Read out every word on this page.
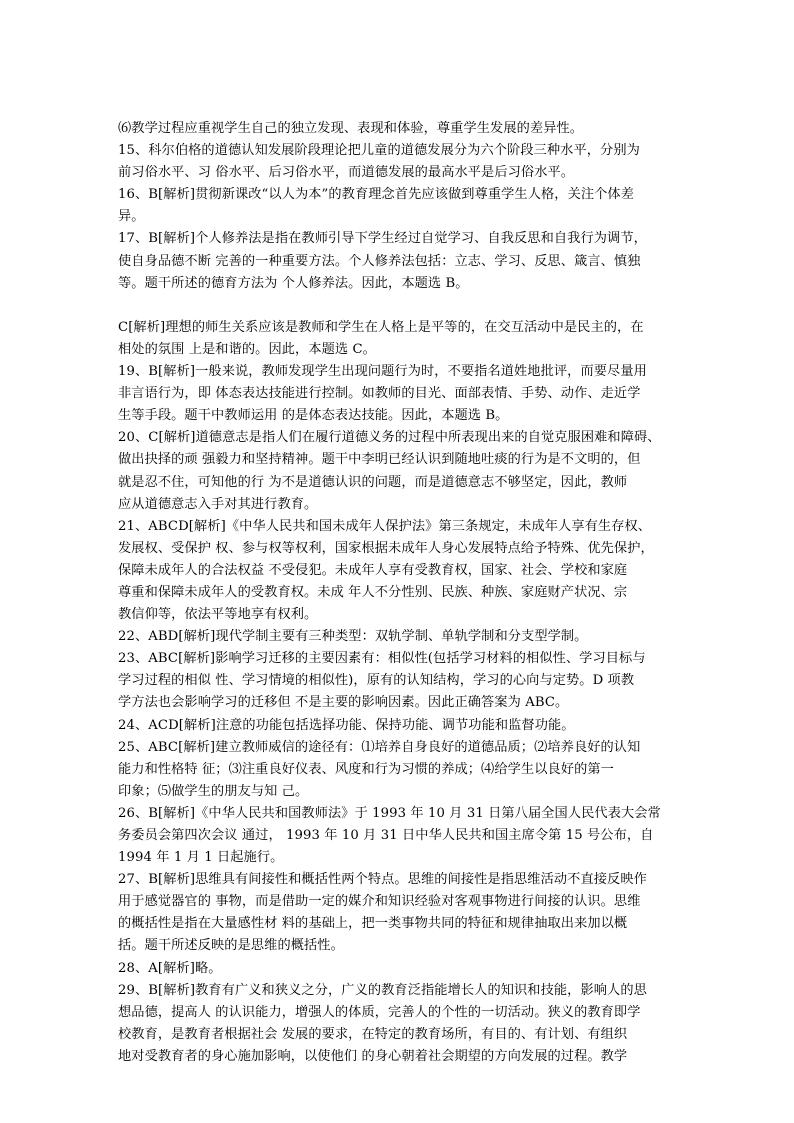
⑹教学过程应重视学生自己的独立发现、表现和体验，尊重学生发展的差异性。
15、科尔伯格的道德认知发展阶段理论把儿童的道德发展分为六个阶段三种水平，分别为
前习俗水平、习 俗水平、后习俗水平，而道德发展的最高水平是后习俗水平。
16、B[解析]贯彻新课改“以人为本”的教育理念首先应该做到尊重学生人格，关注个体差
异。
17、B[解析]个人修养法是指在教师引导下学生经过自觉学习、自我反思和自我行为调节，
使自身品德不断 完善的一种重要方法。个人修养法包括：立志、学习、反思、箴言、慎独
等。题干所述的德育方法为 个人修养法。因此，本题选 B。
C[解析]理想的师生关系应该是教师和学生在人格上是平等的，在交互活动中是民主的，在
相处的氛围 上是和谐的。因此，本题选 C。
19、B[解析]一般来说，教师发现学生出现问题行为时，不要指名道姓地批评，而要尽量用
非言语行为，即 体态表达技能进行控制。如教师的目光、面部表情、手势、动作、走近学
生等手段。题干中教师运用 的是体态表达技能。因此，本题选 B。
20、C[解析]道德意志是指人们在履行道德义务的过程中所表现出来的自觉克服困难和障碍、
做出抉择的顽 强毅力和坚持精神。题干中李明已经认识到随地吐痰的行为是不文明的，但
就是忍不住，可知他的行 为不是道德认识的问题，而是道德意志不够坚定，因此，教师
应从道德意志入手对其进行教育。
21、ABCD[解析]《中华人民共和国未成年人保护法》第三条规定，未成年人享有生存权、
发展权、受保护 权、参与权等权利，国家根据未成年人身心发展特点给予特殊、优先保护，
保障未成年人的合法权益 不受侵犯。未成年人享有受教育权，国家、社会、学校和家庭
尊重和保障未成年人的受教育权。未成 年人不分性别、民族、种族、家庭财产状况、宗
教信仰等，依法平等地享有权利。
22、ABD[解析]现代学制主要有三种类型：双轨学制、单轨学制和分支型学制。
23、ABC[解析]影响学习迁移的主要因素有：相似性(包括学习材料的相似性、学习目标与
学习过程的相似 性、学习情境的相似性)，原有的认知结构，学习的心向与定势。D 项教
学方法也会影响学习的迁移但 不是主要的影响因素。因此正确答案为 ABC。
24、ACD[解析]注意的功能包括选择功能、保持功能、调节功能和监督功能。
25、ABC[解析]建立教师威信的途径有：⑴培养自身良好的道德品质；⑵培养良好的认知
能力和性格特 征；⑶注重良好仪表、风度和行为习惯的养成；⑷给学生以良好的第一
印象；⑸做学生的朋友与知 己。
26、B[解析]《中华人民共和国教师法》于 1993 年 10 月 31 日第八届全国人民代表大会常
务委员会第四次会议 通过， 1993 年 10 月 31 日中华人民共和国主席令第 15 号公布，自
1994 年 1 月 1 日起施行。
27、B[解析]思维具有间接性和概括性两个特点。思维的间接性是指思维活动不直接反映作
用于感觉器官的 事物，而是借助一定的媒介和知识经验对客观事物进行间接的认识。思维
的概括性是指在大量感性材 料的基础上，把一类事物共同的特征和规律抽取出来加以概
括。题干所述反映的是思维的概括性。
28、A[解析]略。
29、B[解析]教育有广义和狭义之分，广义的教育泛指能增长人的知识和技能，影响人的思
想品德，提高人 的认识能力，增强人的体质，完善人的个性的一切活动。狭义的教育即学
校教育，是教育者根据社会 发展的要求，在特定的教育场所，有目的、有计划、有组织
地对受教育者的身心施加影响，以使他们 的身心朝着社会期望的方向发展的过程。教学
